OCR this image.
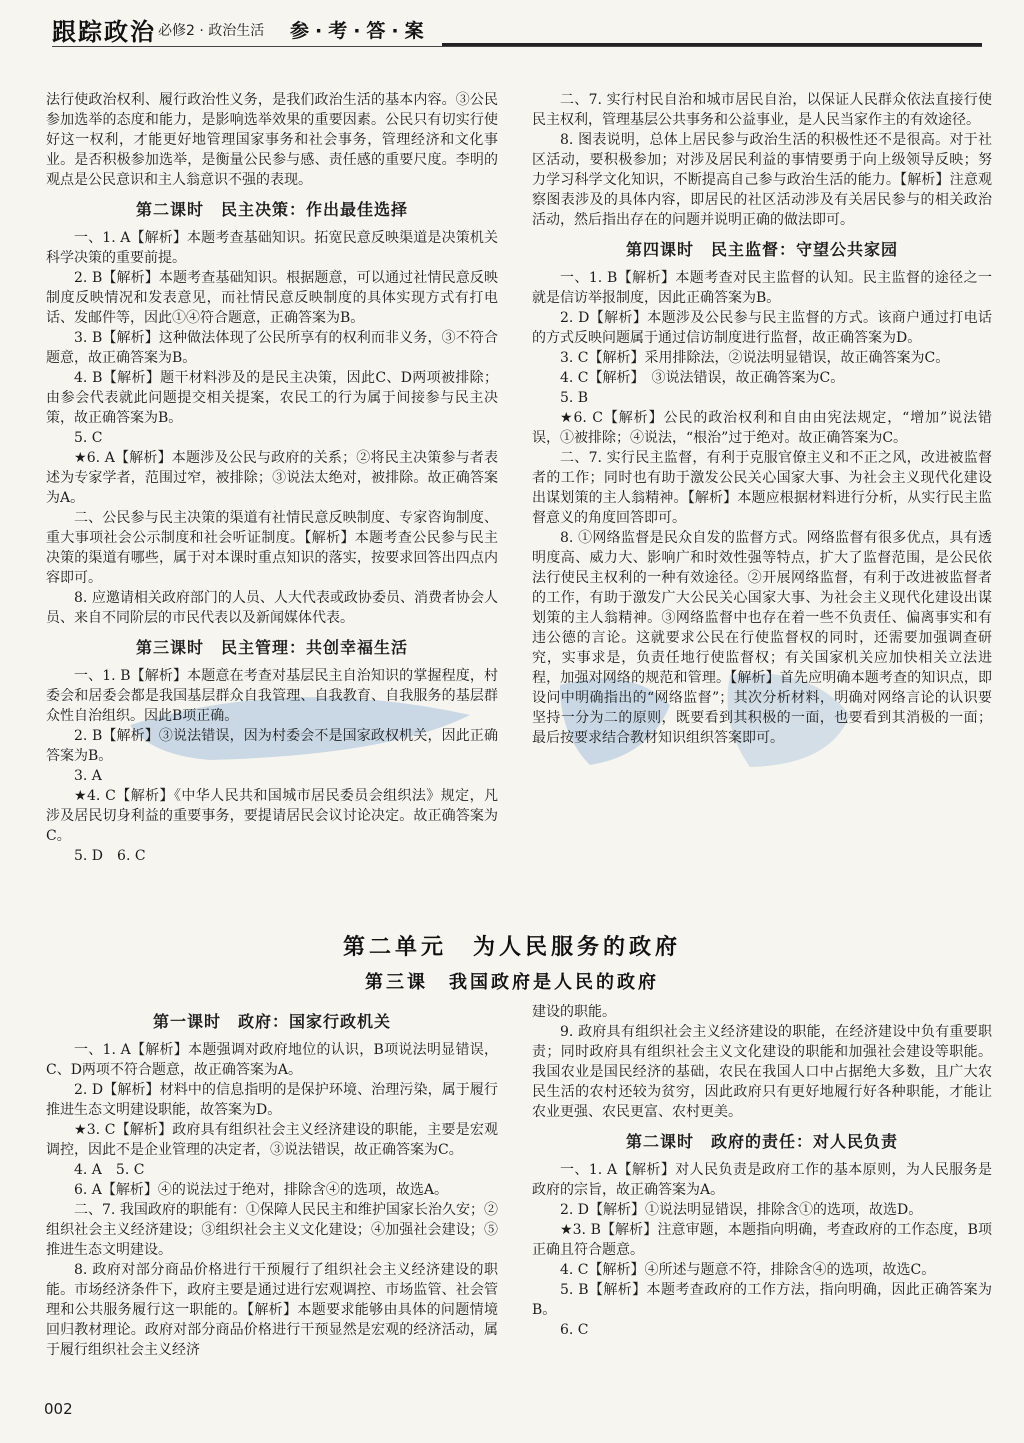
跟踪政治 必修2 · 政治生活 参·考·答·案

法行使政治权利、履行政治性义务，是我们政治生活的基本内容。③公民参加选举的态度和能力，是影响选举效果的重要因素。公民只有切实行使好这一权利，才能更好地管理国家事务和社会事务，管理经济和文化事业。是否积极参加选举，是衡量公民参与感、责任感的重要尺度。李明的观点是公民意识和主人翁意识不强的表现。

第二课时　民主决策：作出最佳选择

一、1. A【解析】本题考查基础知识。拓宽民意反映渠道是决策机关科学决策的重要前提。

2. B【解析】本题考查基础知识。根据题意，可以通过社情民意反映制度反映情况和发表意见，而社情民意反映制度的具体实现方式有打电话、发邮件等，因此①④符合题意，正确答案为B。

3. B【解析】这种做法体现了公民所享有的权利而非义务，③不符合题意，故正确答案为B。

4. B【解析】题干材料涉及的是民主决策，因此C、D两项被排除；由参会代表就此问题提交相关提案，农民工的行为属于间接参与民主决策，故正确答案为B。

5. C

★6. A【解析】本题涉及公民与政府的关系；②将民主决策参与者表述为专家学者，范围过窄，被排除；③说法太绝对，被排除。故正确答案为A。

二、公民参与民主决策的渠道有社情民意反映制度、专家咨询制度、重大事项社会公示制度和社会听证制度。【解析】本题考查公民参与民主决策的渠道有哪些，属于对本课时重点知识的落实，按要求回答出四点内容即可。

8. 应邀请相关政府部门的人员、人大代表或政协委员、消费者协会人员、来自不同阶层的市民代表以及新闻媒体代表。

第三课时　民主管理：共创幸福生活

一、1. B【解析】本题意在考查对基层民主自治知识的掌握程度，村委会和居委会都是我国基层群众自我管理、自我教育、自我服务的基层群众性自治组织。因此B项正确。

2. B【解析】③说法错误，因为村委会不是国家政权机关，因此正确答案为B。

3. A

★4. C【解析】《中华人民共和国城市居民委员会组织法》规定，凡涉及居民切身利益的重要事务，要提请居民会议讨论决定。故正确答案为C。

5. D　6. C

二、7. 实行村民自治和城市居民自治，以保证人民群众依法直接行使民主权利，管理基层公共事务和公益事业，是人民当家作主的有效途径。

8. 图表说明，总体上居民参与政治生活的积极性还不是很高。对于社区活动，要积极参加；对涉及居民利益的事情要勇于向上级领导反映；努力学习科学文化知识，不断提高自己参与政治生活的能力。【解析】注意观察图表涉及的具体内容，即居民的社区活动涉及有关居民参与的相关政治活动，然后指出存在的问题并说明正确的做法即可。

第四课时　民主监督：守望公共家园

一、1. B【解析】本题考查对民主监督的认知。民主监督的途径之一就是信访举报制度，因此正确答案为B。

2. D【解析】本题涉及公民参与民主监督的方式。该商户通过打电话的方式反映问题属于通过信访制度进行监督，故正确答案为D。

3. C【解析】采用排除法，②说法明显错误，故正确答案为C。

4. C【解析】　③说法错误，故正确答案为C。

5. B

★6. C【解析】公民的政治权利和自由由宪法规定，“增加”说法错误，①被排除；④说法，“根治”过于绝对。故正确答案为C。

二、7. 实行民主监督，有利于克服官僚主义和不正之风，改进被监督者的工作；同时也有助于激发公民关心国家大事、为社会主义现代化建设出谋划策的主人翁精神。【解析】本题应根据材料进行分析，从实行民主监督意义的角度回答即可。

8. ①网络监督是民众自发的监督方式。网络监督有很多优点，具有透明度高、威力大、影响广和时效性强等特点，扩大了监督范围，是公民依法行使民主权利的一种有效途径。②开展网络监督，有利于改进被监督者的工作，有助于激发广大公民关心国家大事、为社会主义现代化建设出谋划策的主人翁精神。③网络监督中也存在着一些不负责任、偏离事实和有违公德的言论。这就要求公民在行使监督权的同时，还需要加强调查研究，实事求是，负责任地行使监督权；有关国家机关应加快相关立法进程，加强对网络的规范和管理。【解析】首先应明确本题考查的知识点，即设问中明确指出的“网络监督”；其次分析材料，明确对网络言论的认识要坚持一分为二的原则，既要看到其积极的一面，也要看到其消极的一面；最后按要求结合教材知识组织答案即可。

第二单元　为人民服务的政府
第三课　我国政府是人民的政府
第一课时　政府：国家行政机关

一、1. A【解析】本题强调对政府地位的认识，B项说法明显错误，C、D两项不符合题意，故正确答案为A。

2. D【解析】材料中的信息指明的是保护环境、治理污染，属于履行推进生态文明建设职能，故答案为D。

★3. C【解析】政府具有组织社会主义经济建设的职能，主要是宏观调控，因此不是企业管理的决定者，③说法错误，故正确答案为C。

4. A　5. C

6. A【解析】④的说法过于绝对，排除含④的选项，故选A。

二、7. 我国政府的职能有：①保障人民民主和维护国家长治久安；②组织社会主义经济建设；③组织社会主义文化建设；④加强社会建设；⑤推进生态文明建设。

8. 政府对部分商品价格进行干预履行了组织社会主义经济建设的职能。市场经济条件下，政府主要是通过进行宏观调控、市场监管、社会管理和公共服务履行这一职能的。【解析】本题要求能够由具体的问题情境回归教材理论。政府对部分商品价格进行干预显然是宏观的经济活动，属于履行组织社会主义经济

建设的职能。

9. 政府具有组织社会主义经济建设的职能，在经济建设中负有重要职责；同时政府具有组织社会主义文化建设的职能和加强社会建设等职能。我国农业是国民经济的基础，农民在我国人口中占据绝大多数，且广大农民生活的农村还较为贫穷，因此政府只有更好地履行好各种职能，才能让农业更强、农民更富、农村更美。

第二课时　政府的责任：对人民负责

一、1. A【解析】对人民负责是政府工作的基本原则，为人民服务是政府的宗旨，故正确答案为A。

2. D【解析】①说法明显错误，排除含①的选项，故选D。

★3. B【解析】注意审题，本题指向明确，考查政府的工作态度，B项正确且符合题意。

4. C【解析】④所述与题意不符，排除含④的选项，故选C。

5. B【解析】本题考查政府的工作方法，指向明确，因此正确答案为B。

6. C

002
